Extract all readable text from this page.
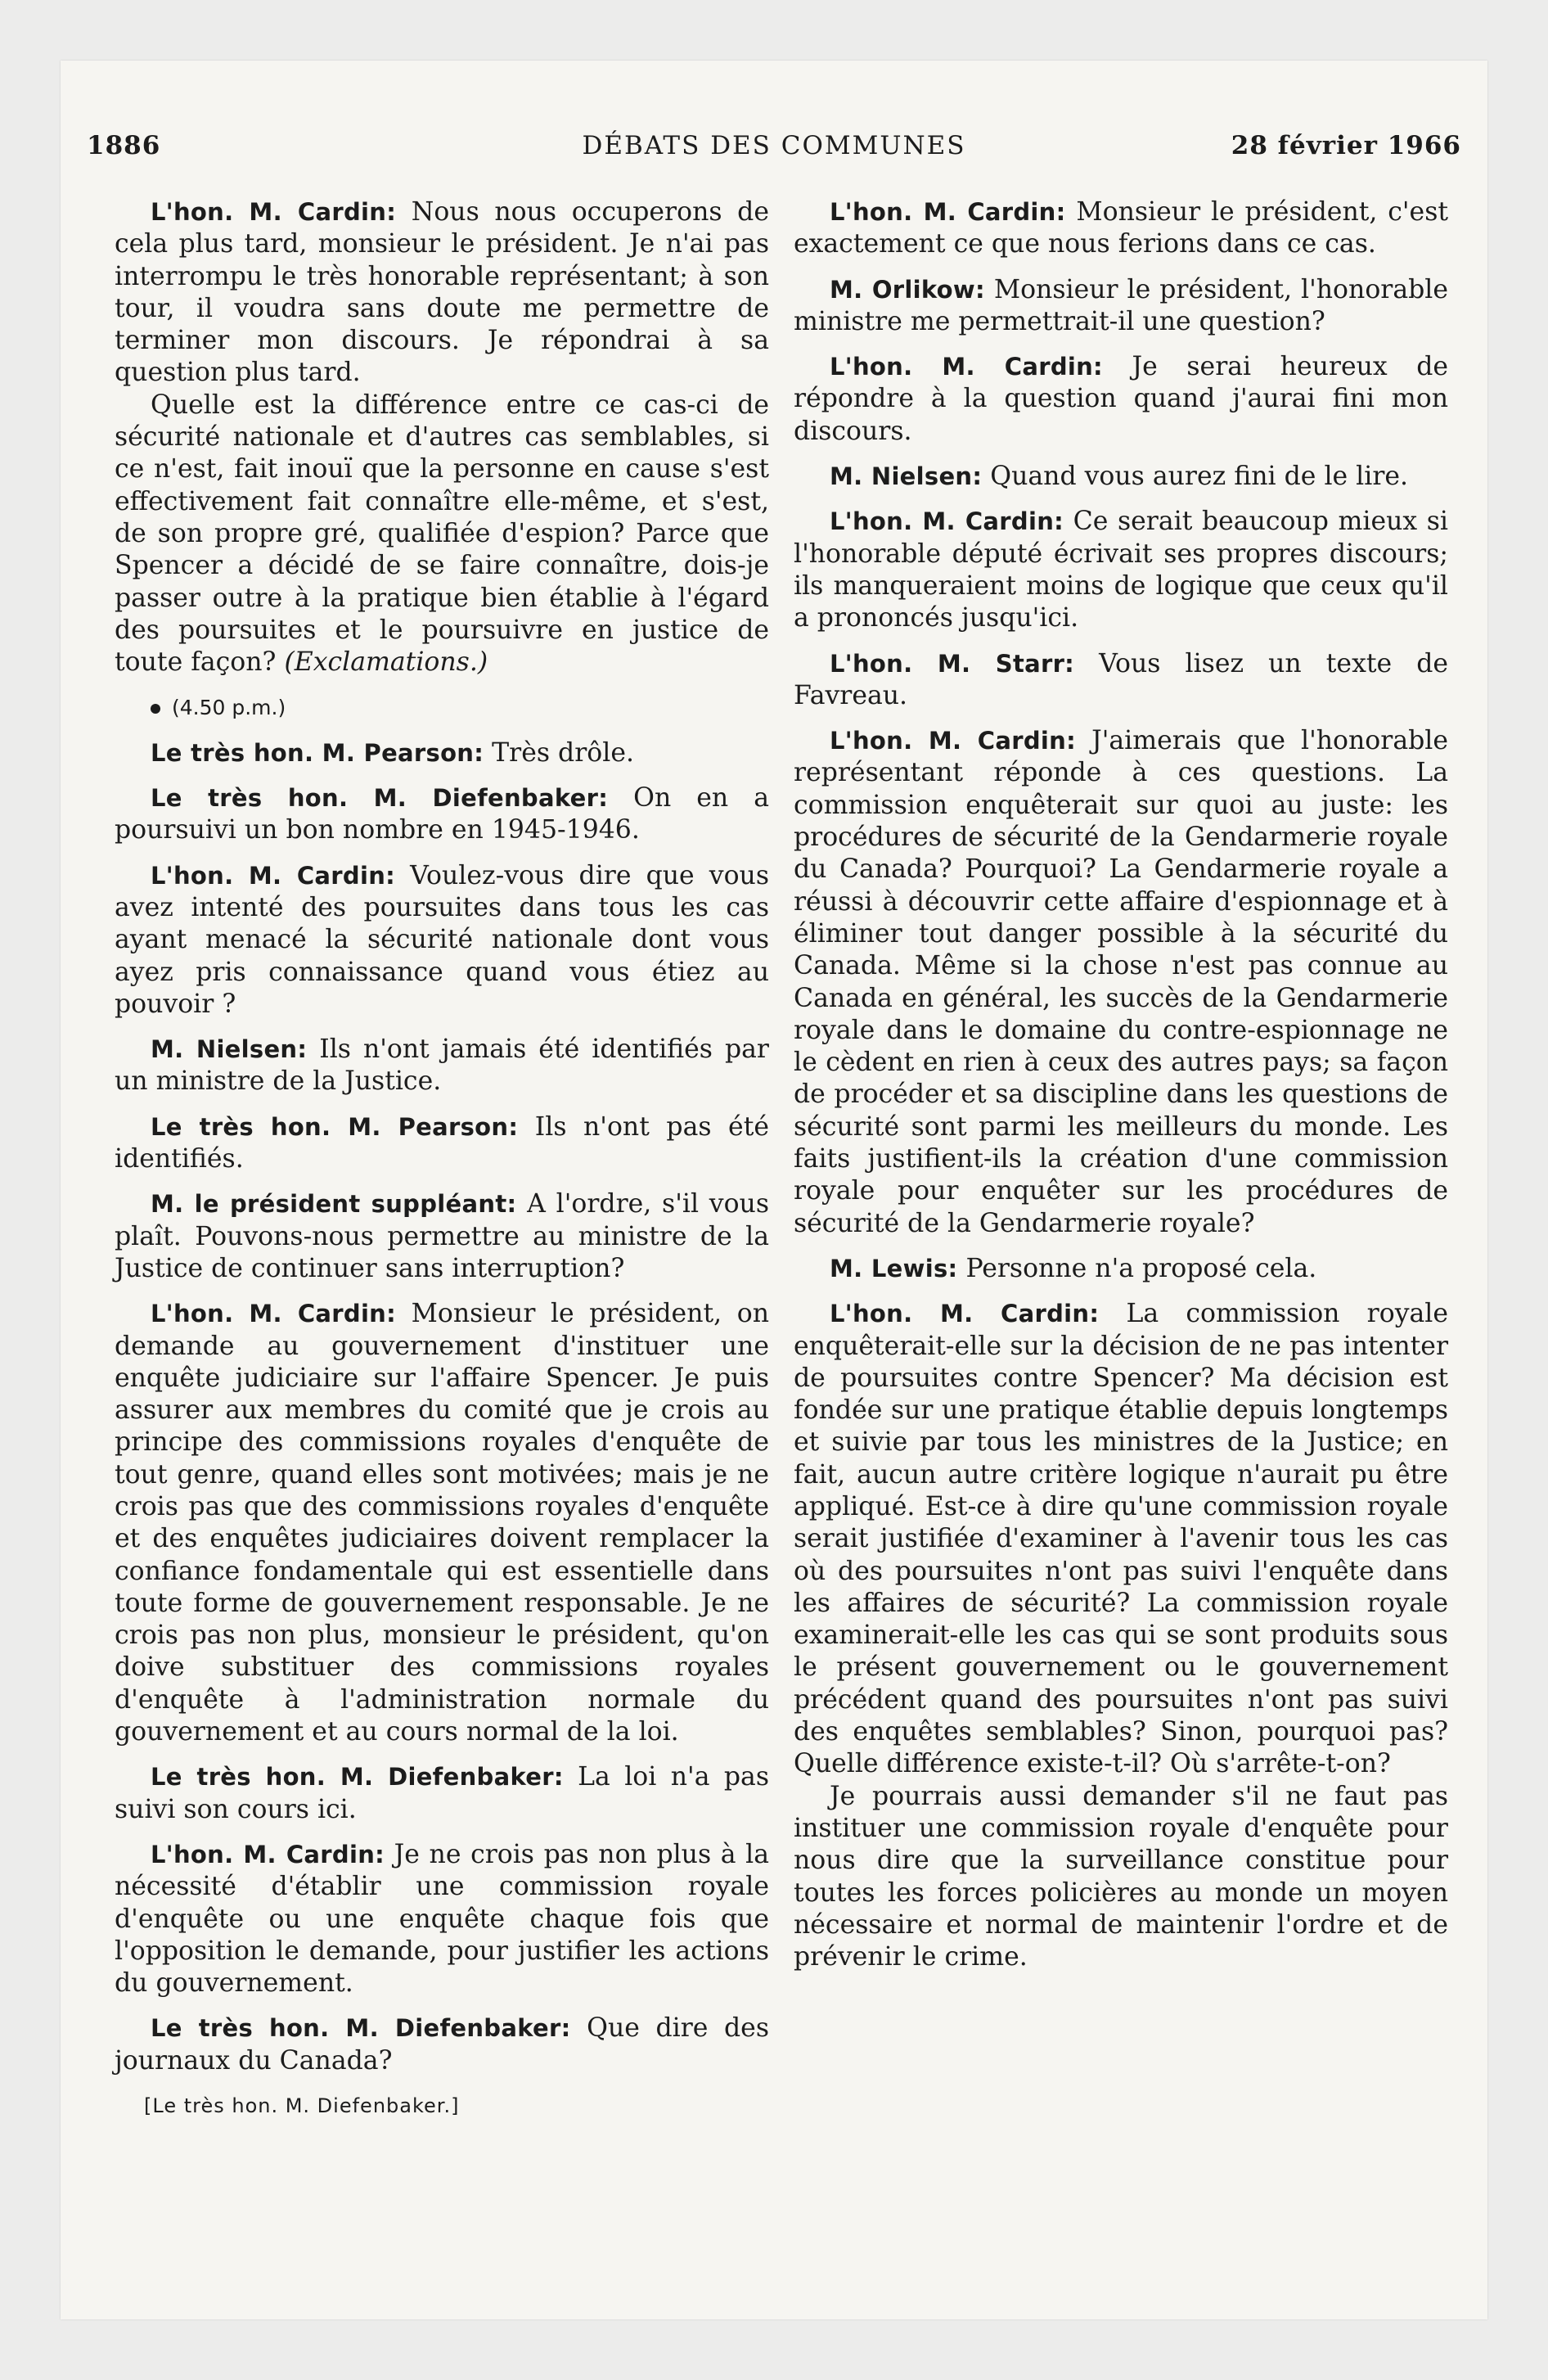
1886	DÉBATS DES COMMUNES	28 février 1966

L'hon. M. Cardin: Nous nous occuperons de cela plus tard, monsieur le président. Je n'ai pas interrompu le très honorable représentant; à son tour, il voudra sans doute me permettre de terminer mon discours. Je répondrai à sa question plus tard.

Quelle est la différence entre ce cas-ci de sécurité nationale et d'autres cas semblables, si ce n'est, fait inouï que la personne en cause s'est effectivement fait connaître elle-même, et s'est, de son propre gré, qualifiée d'espion? Parce que Spencer a décidé de se faire connaître, dois-je passer outre à la pratique bien établie à l'égard des poursuites et le poursuivre en justice de toute façon? (Exclamations.)

(4.50 p.m.)

Le très hon. M. Pearson: Très drôle.

Le très hon. M. Diefenbaker: On en a poursuivi un bon nombre en 1945-1946.

L'hon. M. Cardin: Voulez-vous dire que vous avez intenté des poursuites dans tous les cas ayant menacé la sécurité nationale dont vous ayez pris connaissance quand vous étiez au pouvoir ?

M. Nielsen: Ils n'ont jamais été identifiés par un ministre de la Justice.

Le très hon. M. Pearson: Ils n'ont pas été identifiés.

M. le président suppléant: A l'ordre, s'il vous plaît. Pouvons-nous permettre au ministre de la Justice de continuer sans interruption?

L'hon. M. Cardin: Monsieur le président, on demande au gouvernement d'instituer une enquête judiciaire sur l'affaire Spencer. Je puis assurer aux membres du comité que je crois au principe des commissions royales d'enquête de tout genre, quand elles sont motivées; mais je ne crois pas que des commissions royales d'enquête et des enquêtes judiciaires doivent remplacer la confiance fondamentale qui est essentielle dans toute forme de gouvernement responsable. Je ne crois pas non plus, monsieur le président, qu'on doive substituer des commissions royales d'enquête à l'administration normale du gouvernement et au cours normal de la loi.

Le très hon. M. Diefenbaker: La loi n'a pas suivi son cours ici.

L'hon. M. Cardin: Je ne crois pas non plus à la nécessité d'établir une commission royale d'enquête ou une enquête chaque fois que l'opposition le demande, pour justifier les actions du gouvernement.

Le très hon. M. Diefenbaker: Que dire des journaux du Canada?

[Le très hon. M. Diefenbaker.]

L'hon. M. Cardin: Monsieur le président, c'est exactement ce que nous ferions dans ce cas.

M. Orlikow: Monsieur le président, l'honorable ministre me permettrait-il une question?

L'hon. M. Cardin: Je serai heureux de répondre à la question quand j'aurai fini mon discours.

M. Nielsen: Quand vous aurez fini de le lire.

L'hon. M. Cardin: Ce serait beaucoup mieux si l'honorable député écrivait ses propres discours; ils manqueraient moins de logique que ceux qu'il a prononcés jusqu'ici.

L'hon. M. Starr: Vous lisez un texte de Favreau.

L'hon. M. Cardin: J'aimerais que l'honorable représentant réponde à ces questions. La commission enquêterait sur quoi au juste: les procédures de sécurité de la Gendarmerie royale du Canada? Pourquoi? La Gendarmerie royale a réussi à découvrir cette affaire d'espionnage et à éliminer tout danger possible à la sécurité du Canada. Même si la chose n'est pas connue au Canada en général, les succès de la Gendarmerie royale dans le domaine du contre-espionnage ne le cèdent en rien à ceux des autres pays; sa façon de procéder et sa discipline dans les questions de sécurité sont parmi les meilleurs du monde. Les faits justifient-ils la création d'une commission royale pour enquêter sur les procédures de sécurité de la Gendarmerie royale?

M. Lewis: Personne n'a proposé cela.

L'hon. M. Cardin: La commission royale enquêterait-elle sur la décision de ne pas intenter de poursuites contre Spencer? Ma décision est fondée sur une pratique établie depuis longtemps et suivie par tous les ministres de la Justice; en fait, aucun autre critère logique n'aurait pu être appliqué. Est-ce à dire qu'une commission royale serait justifiée d'examiner à l'avenir tous les cas où des poursuites n'ont pas suivi l'enquête dans les affaires de sécurité? La commission royale examinerait-elle les cas qui se sont produits sous le présent gouvernement ou le gouvernement précédent quand des poursuites n'ont pas suivi des enquêtes semblables? Sinon, pourquoi pas? Quelle différence existe-t-il? Où s'arrête-t-on?

Je pourrais aussi demander s'il ne faut pas instituer une commission royale d'enquête pour nous dire que la surveillance constitue pour toutes les forces policières au monde un moyen nécessaire et normal de maintenir l'ordre et de prévenir le crime.
